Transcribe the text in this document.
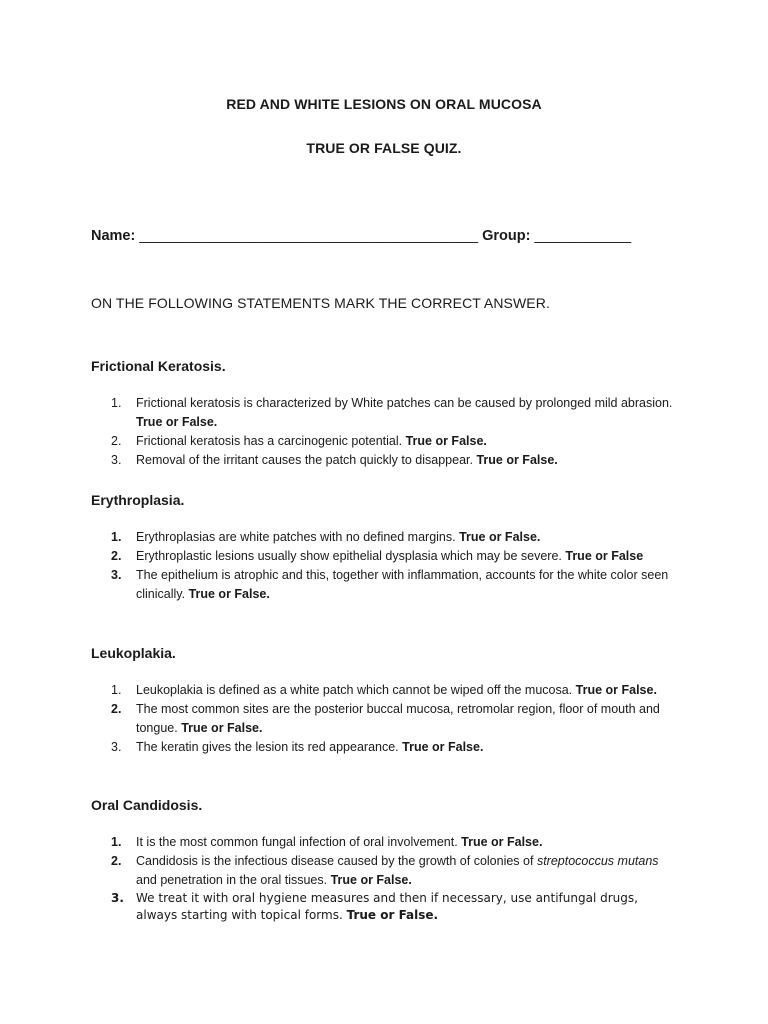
RED AND WHITE LESIONS ON ORAL MUCOSA
TRUE OR FALSE QUIZ.
Name: __________________________________________ Group: ____________
ON THE FOLLOWING STATEMENTS MARK THE CORRECT ANSWER.
Frictional Keratosis.
1. Frictional keratosis is characterized by White patches can be caused by prolonged mild abrasion. True or False.
2. Frictional keratosis has a carcinogenic potential. True or False.
3. Removal of the irritant causes the patch quickly to disappear. True or False.
Erythroplasia.
1. Erythroplasias are white patches with no defined margins. True or False.
2. Erythroplastic lesions usually show epithelial dysplasia which may be severe. True or False
3. The epithelium is atrophic and this, together with inflammation, accounts for the white color seen clinically. True or False.
Leukoplakia.
1. Leukoplakia is defined as a white patch which cannot be wiped off the mucosa. True or False.
2. The most common sites are the posterior buccal mucosa, retromolar region, floor of mouth and tongue. True or False.
3. The keratin gives the lesion its red appearance. True or False.
Oral Candidosis.
1. It is the most common fungal infection of oral involvement. True or False.
2. Candidosis is the infectious disease caused by the growth of colonies of streptococcus mutans and penetration in the oral tissues. True or False.
3. We treat it with oral hygiene measures and then if necessary, use antifungal drugs, always starting with topical forms. True or False.
